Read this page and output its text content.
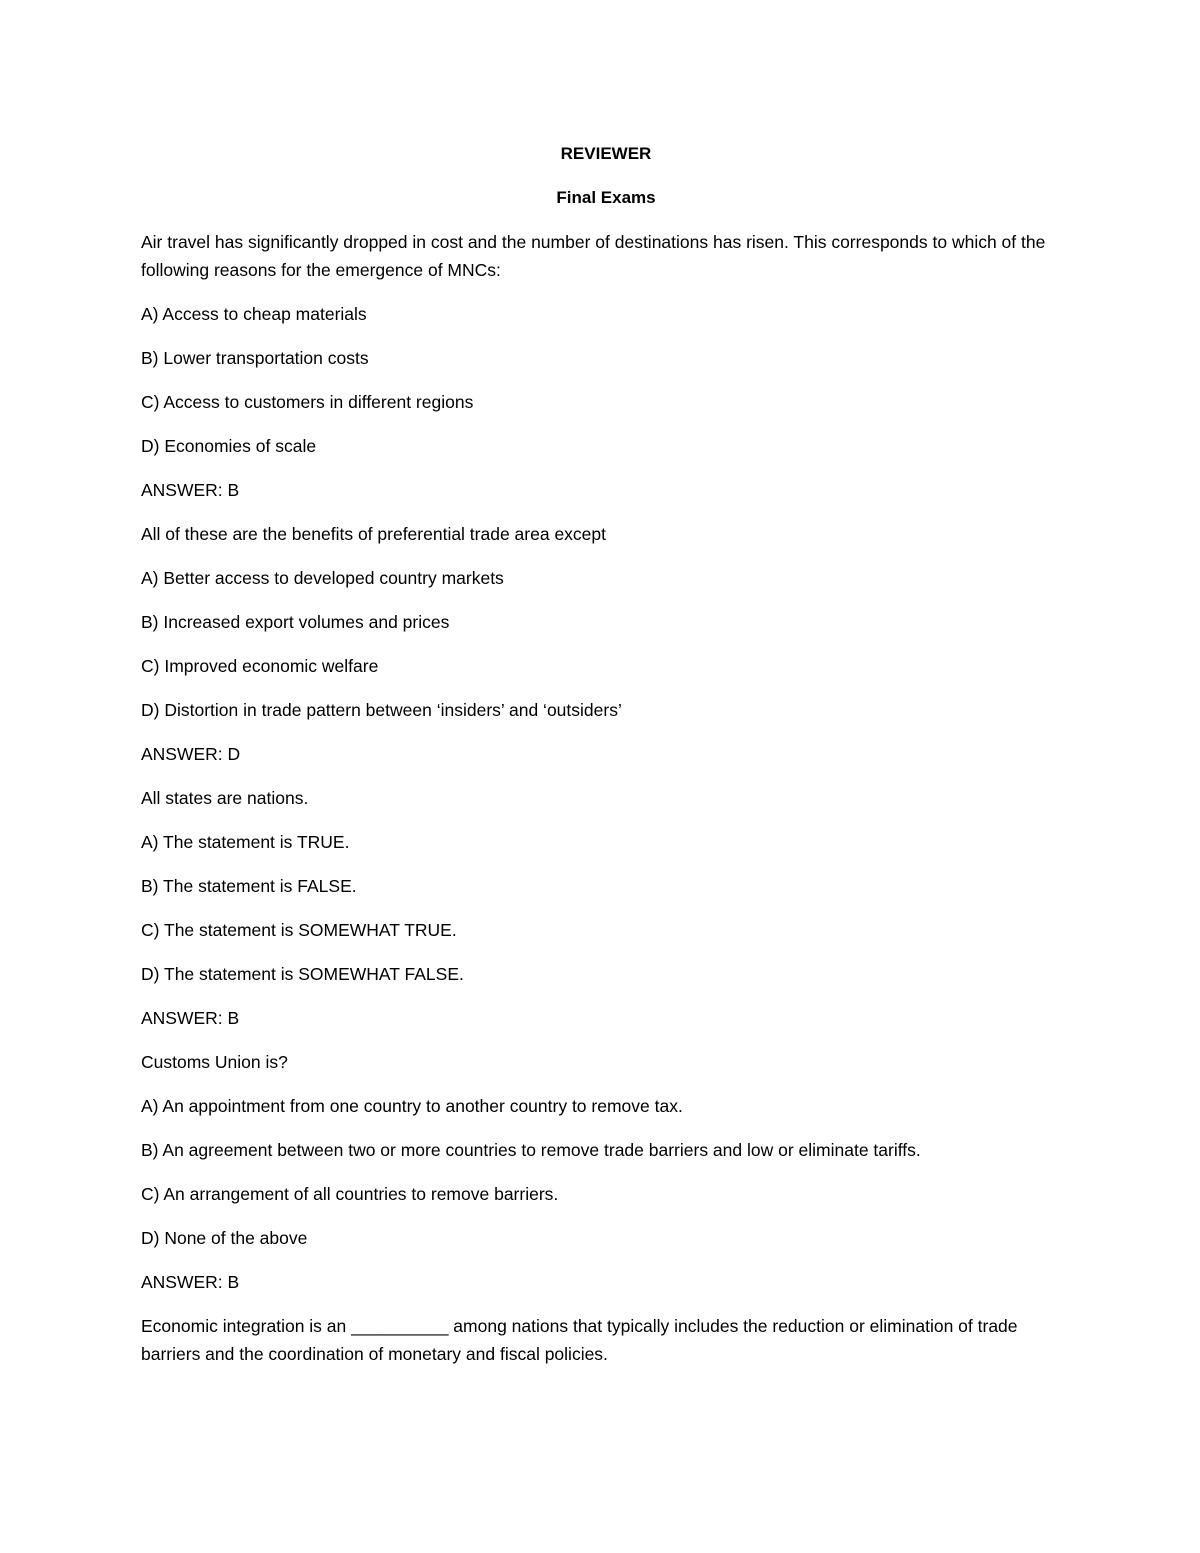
REVIEWER

Final Exams

Air travel has significantly dropped in cost and the number of destinations has risen. This corresponds to which of the following reasons for the emergence of MNCs:

A) Access to cheap materials

B) Lower transportation costs

C) Access to customers in different regions

D) Economies of scale

ANSWER: B

All of these are the benefits of preferential trade area except

A) Better access to developed country markets

B) Increased export volumes and prices

C) Improved economic welfare

D) Distortion in trade pattern between ‘insiders’ and ‘outsiders’

ANSWER: D

All states are nations.

A) The statement is TRUE.

B) The statement is FALSE.

C) The statement is SOMEWHAT TRUE.

D) The statement is SOMEWHAT FALSE.

ANSWER: B

Customs Union is?

A) An appointment from one country to another country to remove tax.

B) An agreement between two or more countries to remove trade barriers and low or eliminate tariffs.

C) An arrangement of all countries to remove barriers.

D) None of the above

ANSWER: B

Economic integration is an __________ among nations that typically includes the reduction or elimination of trade barriers and the coordination of monetary and fiscal policies.
